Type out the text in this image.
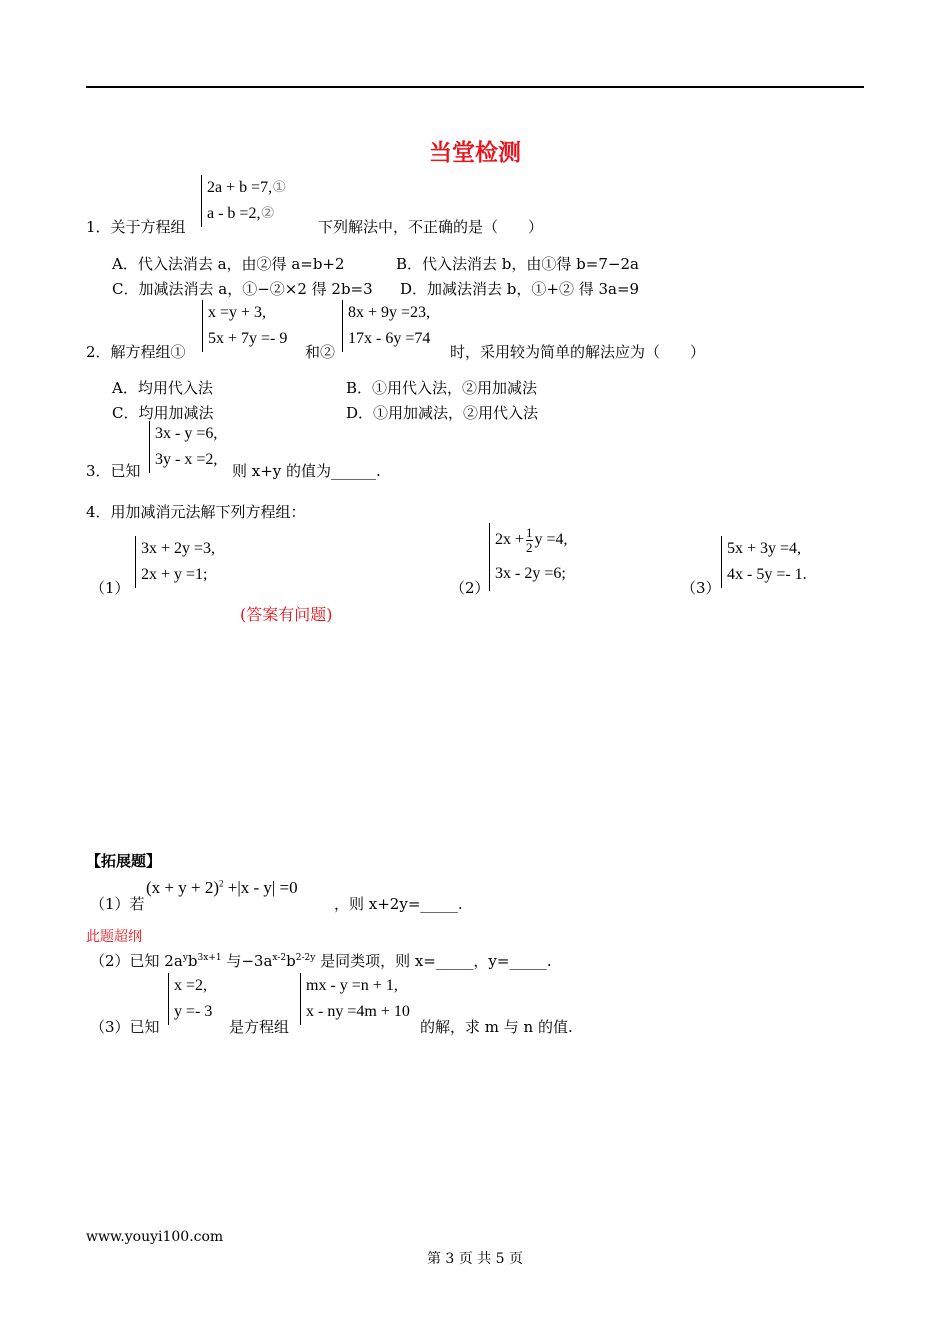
当堂检测
1．关于方程组
2a + b =7,①
a - b =2,②
下列解法中，不正确的是（　　）
A．代入法消去 a，由②得 a=b+2	B．代入法消去 b，由①得 b=7−2a
C．加减法消去 a，①−②×2 得 2b=3 D．加减法消去 b，①+② 得 3a=9
2．解方程组①
x =y + 3,
5x + 7y =- 9
和②
8x + 9y =23,
17x - 6y =74
时，采用较为简单的解法应为（　　）
A．均用代入法	B．①用代入法，②用加减法
C．均用加减法	D．①用加减法，②用代入法
3．已知
3x - y =6,
3y - x =2,
则 x+y 的值为______.
4．用加减消元法解下列方程组：
（1）
3x + 2y =3,
2x + y =1;
（2）
$2x + \frac{1}{2}$ y =4,
3x - 2y =6;
（3）
5x + 3y =4,
4x - 5y =- 1.
(答案有问题)
【拓展题】
（1）若
$(x + y + 2)^2 +|x - y| =0$
，则 x+2y=_____.
此题超纲
（2）已知 $2a^yb^{3x+1}$ 与$-3a^{x-2}b^{2-2y}$ 是同类项，则 x=_____，y=_____.
（3）已知
x =2,
y =- 3
是方程组
mx - y =n + 1,
x - ny =4m + 10
的解，求 m 与 n 的值.
www.youyi100.com
第 3 页 共 5 页
